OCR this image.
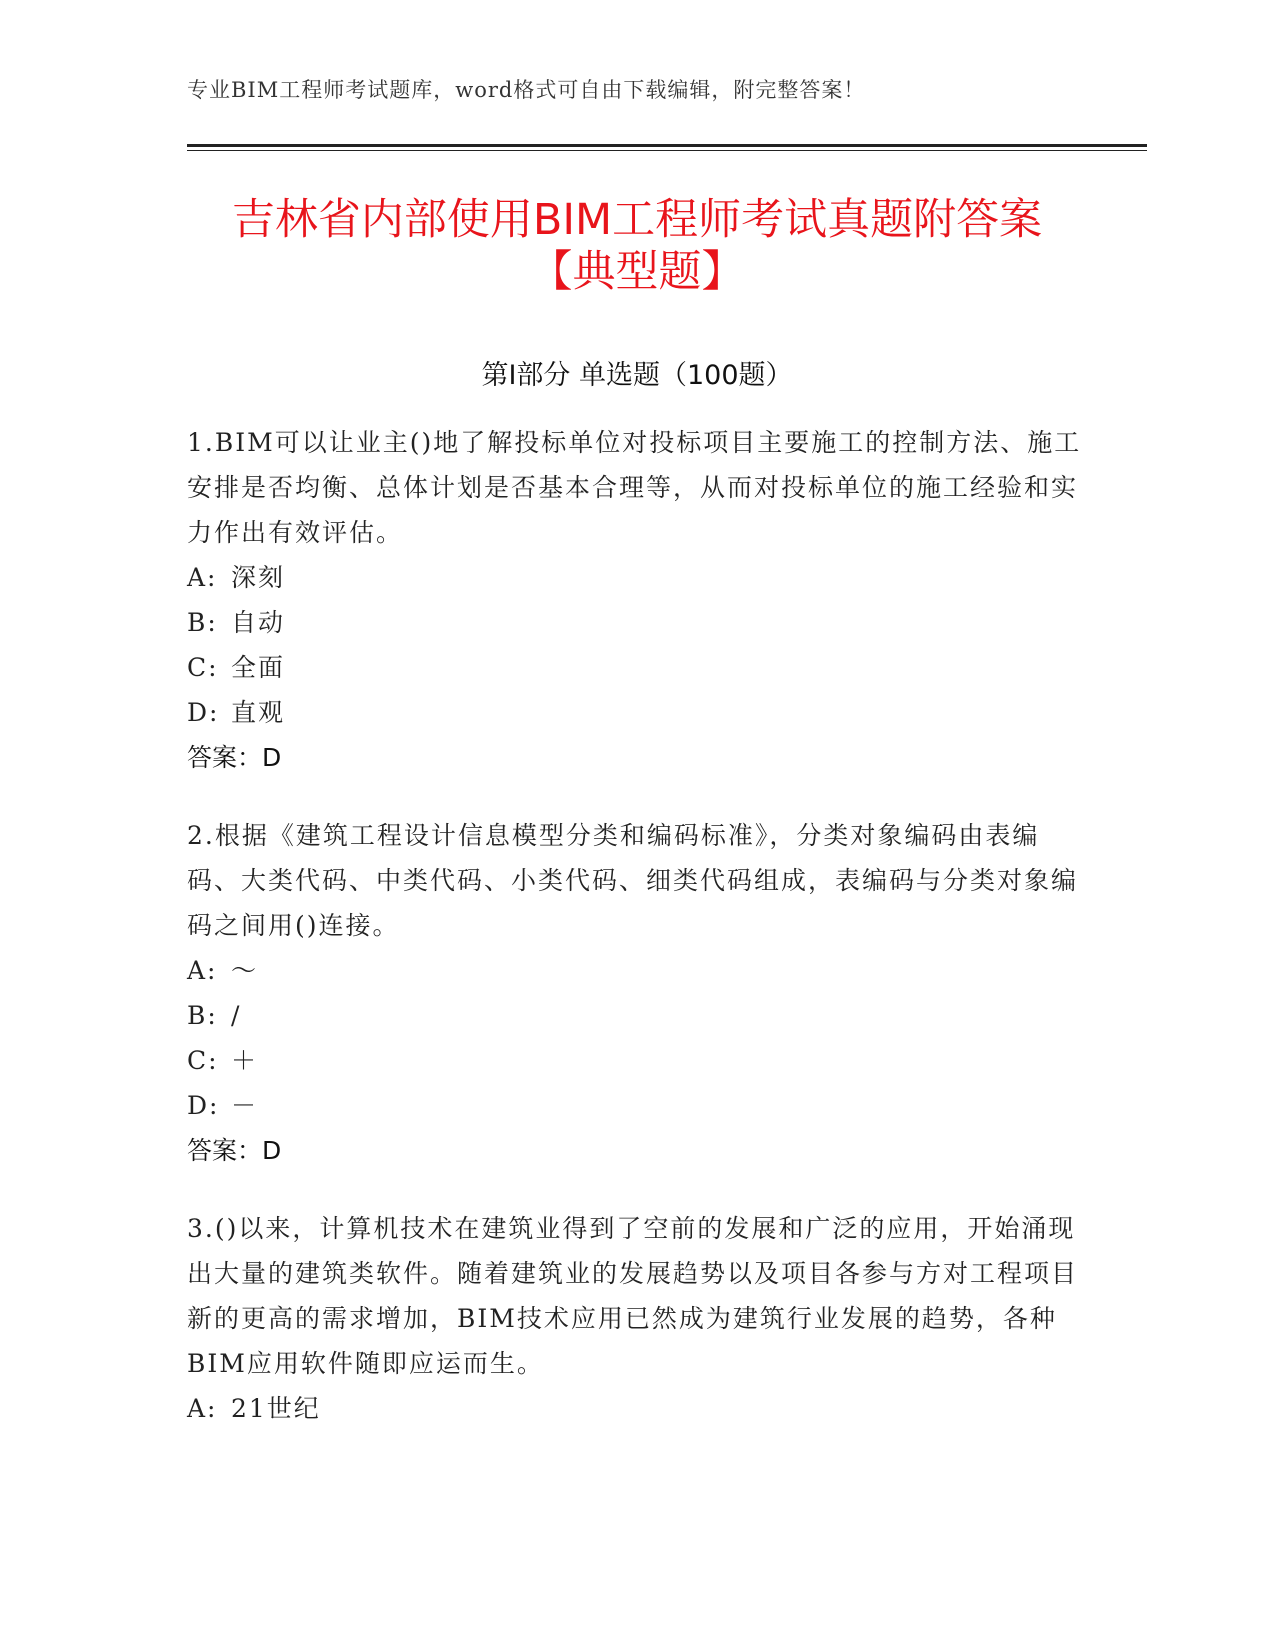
专业BIM工程师考试题库，word格式可自由下载编辑，附完整答案！
吉林省内部使用BIM工程师考试真题附答案
【典型题】
第Ⅰ部分 单选题（100题）

1.BIM可以让业主()地了解投标单位对投标项目主要施工的控制方法、施工安排是否均衡、总体计划是否基本合理等，从而对投标单位的施工经验和实力作出有效评估。

A: 深刻

B: 自动

C: 全面

D: 直观

答案：D

2.根据《建筑工程设计信息模型分类和编码标准》，分类对象编码由表编码、大类代码、中类代码、小类代码、细类代码组成，表编码与分类对象编码之间用()连接。

A: ～

B: /

C: ＋

D: －

答案：D

3.()以来，计算机技术在建筑业得到了空前的发展和广泛的应用，开始涌现出大量的建筑类软件。随着建筑业的发展趋势以及项目各参与方对工程项目新的更高的需求增加，BIM技术应用已然成为建筑行业发展的趋势，各种BIM应用软件随即应运而生。

A: 21世纪
